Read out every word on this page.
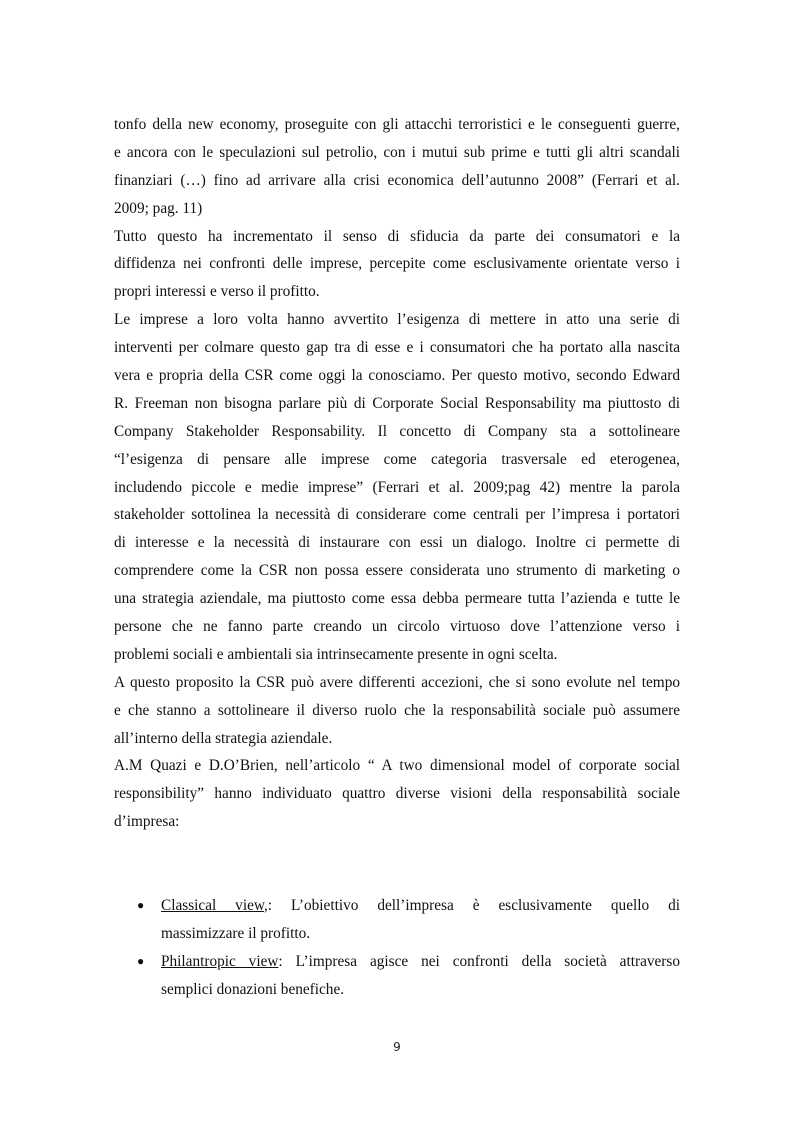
tonfo della new economy, proseguite con gli attacchi terroristici e le conseguenti guerre,
e ancora con le speculazioni sul petrolio, con i mutui sub prime e tutti gli altri scandali
finanziari (…) fino ad arrivare alla crisi economica dell’autunno 2008” (Ferrari et al.
2009; pag. 11)
Tutto questo ha incrementato il senso di sfiducia da parte dei consumatori e la
diffidenza nei confronti delle imprese, percepite come esclusivamente orientate verso i
propri interessi e verso il profitto.
Le imprese a loro volta hanno avvertito l’esigenza di mettere in atto una serie di
interventi per colmare questo gap tra di esse e i consumatori che ha portato alla nascita
vera e propria della CSR come oggi la conosciamo. Per questo motivo, secondo Edward
R. Freeman non bisogna parlare più di Corporate Social Responsability ma piuttosto di
Company Stakeholder Responsability. Il concetto di Company sta a sottolineare
“l’esigenza di pensare alle imprese come categoria trasversale ed eterogenea,
includendo piccole e medie imprese” (Ferrari et al. 2009;pag 42) mentre la parola
stakeholder sottolinea la necessità di considerare come centrali per l’impresa i portatori
di interesse e la necessità di instaurare con essi un dialogo. Inoltre ci permette di
comprendere come la CSR non possa essere considerata uno strumento di marketing o
una strategia aziendale, ma piuttosto come essa debba permeare tutta l’azienda e tutte le
persone che ne fanno parte creando un circolo virtuoso dove l’attenzione verso i
problemi sociali e ambientali sia intrinsecamente presente in ogni scelta.
A questo proposito la CSR può avere differenti accezioni, che si sono evolute nel tempo
e che stanno a sottolineare il diverso ruolo che la responsabilità sociale può assumere
all’interno della strategia aziendale.
A.M Quazi e D.O’Brien, nell’articolo “ A two dimensional model of corporate social
responsibility” hanno individuato quattro diverse visioni della responsabilità sociale
d’impresa:
● Classical view,: L’obiettivo dell’impresa è esclusivamente quello di
massimizzare il profitto.
● Philantropic view: L’impresa agisce nei confronti della società attraverso
semplici donazioni benefiche.
9
